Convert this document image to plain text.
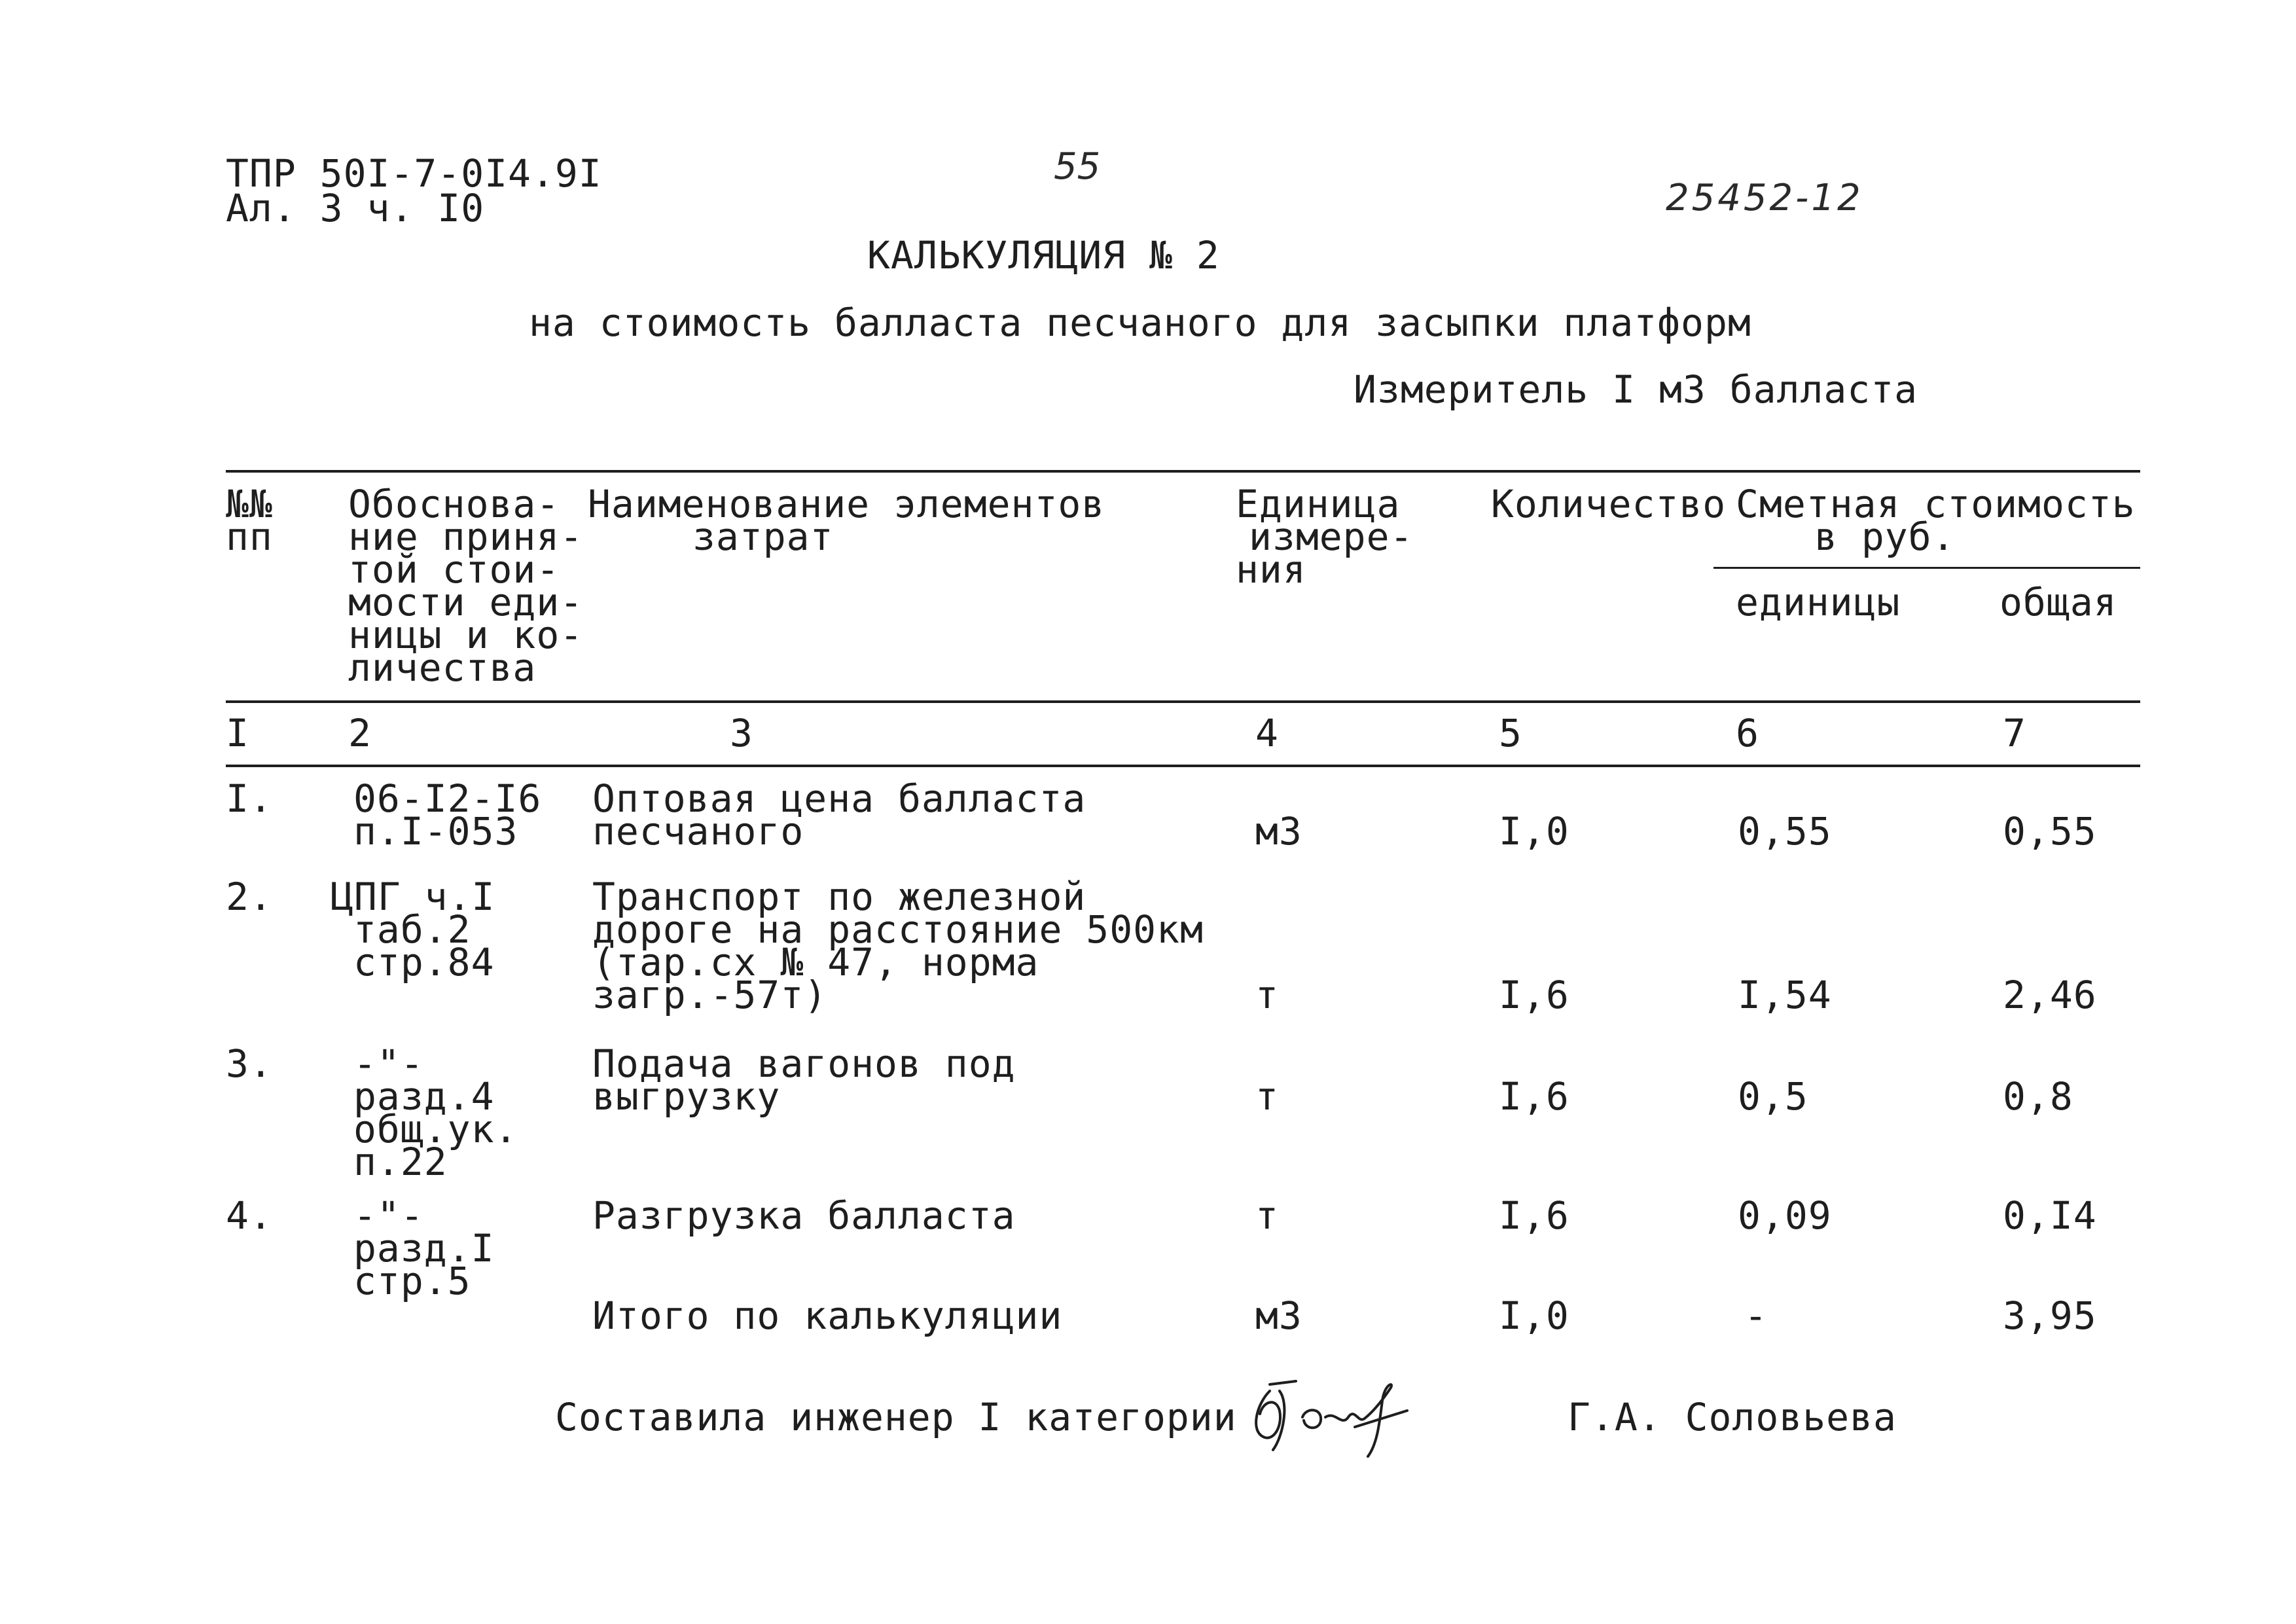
ТПР 50I-7-0I4.9I
Ал. 3 ч. I0
55
25452-12
КАЛЬКУЛЯЦИЯ № 2
на стоимость балласта песчаного для засыпки платформ
Измеритель I м3 балласта
№№
пп
Обоснова-
ние приня-
той стои-
мости еди-
ницы и ко-
личества
Наименование элементов
затрат
Единица
измере-
ния
Количество Сметная стоимость
в руб.
единицы	общая
I	2	3	4	5	6	7
I. 06-I2-I6
п.I-053
Оптовая цена балласта
песчаного	м3	I,0	0,55	0,55
2. ЦПГ ч.I
таб.2
стр.84
Транспорт по железной
дороге на расстояние 500км
(тар.сх № 47, норма
загр.-57т)	т	I,6	I,54	2,46
3. -"-
разд.4
общ.ук.
п.22
Подача вагонов под
выгрузку	т	I,6	0,5	0,8
4. -"-
разд.I
стр.5
Разгрузка балласта	т	I,6	0,09	0,I4
Итого по калькуляции	м3	I,0	-	3,95
Составила инженер I категории	Г.А. Соловьева
